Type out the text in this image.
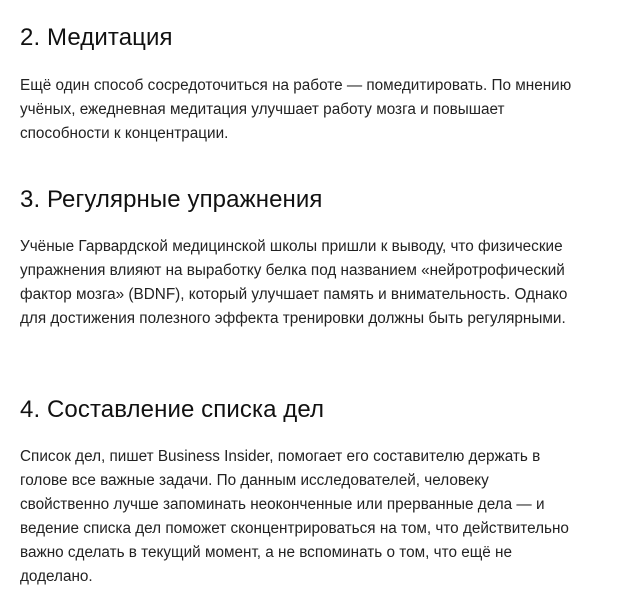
2. Медитация

Ещё один способ сосредоточиться на работе — помедитировать. По мнению учёных, ежедневная медитация улучшает работу мозга и повышает способности к концентрации.

3. Регулярные упражнения

Учёные Гарвардской медицинской школы пришли к выводу, что физические упражнения влияют на выработку белка под названием «нейротрофический фактор мозга» (BDNF), который улучшает память и внимательность. Однако для достижения полезного эффекта тренировки должны быть регулярными.

4. Составление списка дел

Список дел, пишет Business Insider, помогает его составителю держать в голове все важные задачи. По данным исследователей, человеку свойственно лучше запоминать неоконченные или прерванные дела — и ведение списка дел поможет сконцентрироваться на том, что действительно важно сделать в текущий момент, а не вспоминать о том, что ещё не доделано.
